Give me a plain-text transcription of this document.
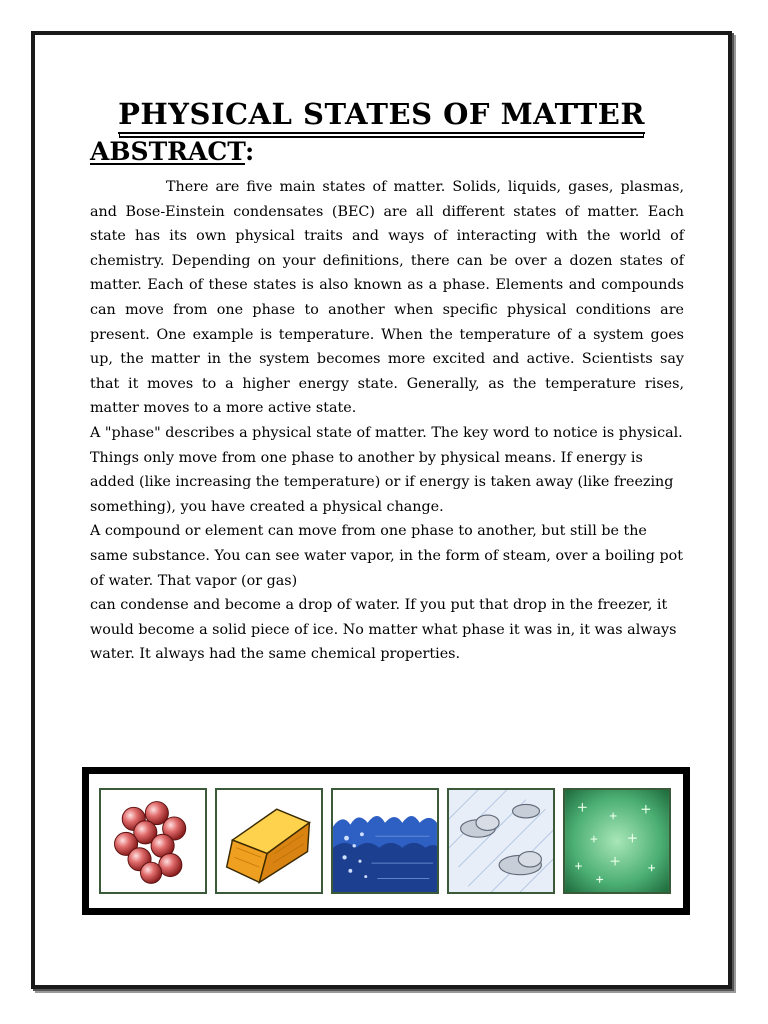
PHYSICAL STATES OF MATTER
ABSTRACT:

There are five main states of matter. Solids, liquids, gases, plasmas, and Bose-Einstein condensates (BEC) are all different states of matter. Each state has its own physical traits and ways of interacting with the world of chemistry. Depending on your definitions, there can be over a dozen states of matter. Each of these states is also known as a phase. Elements and compounds can move from one phase to another when specific physical conditions are present. One example is temperature. When the temperature of a system goes up, the matter in the system becomes more excited and active. Scientists say that it moves to a higher energy state. Generally, as the temperature rises, matter moves to a more active state.

A "phase" describes a physical state of matter. The key word to notice is physical. Things only move from one phase to another by physical means. If energy is added (like increasing the temperature) or if energy is taken away (like freezing something), you have created a physical change.

A compound or element can move from one phase to another, but still be the same substance. You can see water vapor, in the form of steam, over a boiling pot of water. That vapor (or gas)

can condense and become a drop of water. If you put that drop in the freezer, it would become a solid piece of ice. No matter what phase it was in, it was always water. It always had the same chemical properties.
